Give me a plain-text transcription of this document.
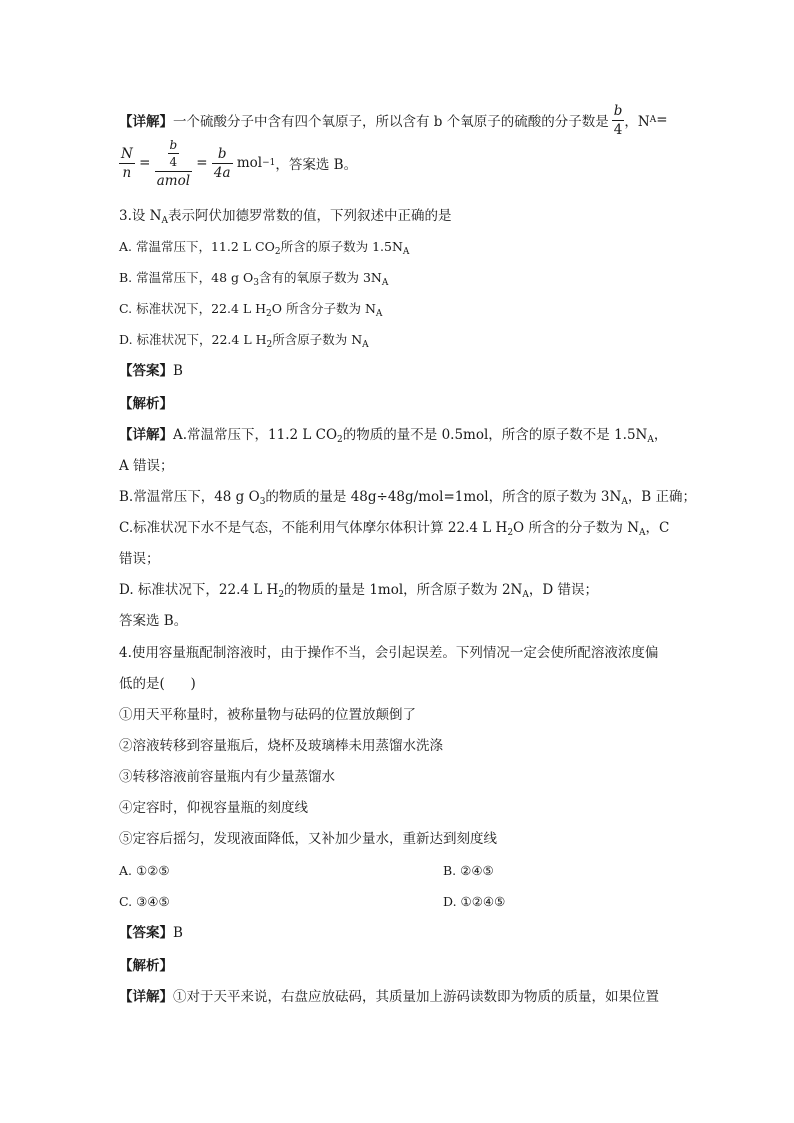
【详解】 一个硫酸分子中含有四个氧原子，所以含有 b 个氧原子的硫酸的分子数是 $\frac{b}{4}$ ，N A =
$\frac{N}{n} = \frac{\frac{b}{4}}{\text{amol}} = \frac{b}{4a}$ mol −1 ，答案选 B。
3.设 $N_A$表示阿伏加德罗常数的值，下列叙述中正确的是
A. 常温常压下，11.2 L $CO_2$所含的原子数为 $1.5N_A$
B. 常温常压下，48 g $O_3$含有的氧原子数为 $3N_A$
C. 标准状况下，22.4 L $H_2O$ 所含分子数为 $N_A$
D. 标准状况下，22.4 L $H_2$所含原子数为 $N_A$
【答案】B
【解析】
【详解】A.常温常压下，11.2 L $CO_2$的物质的量不是 0.5mol，所含的原子数不是 $1.5N_A$，
A 错误；
B.常温常压下，48 g $O_3$的物质的量是 48g÷48g/mol=1mol，所含的原子数为 $3N_A$，B 正确；
C.标准状况下水不是气态，不能利用气体摩尔体积计算 22.4 L $H_2O$ 所含的分子数为 $N_A$，C
错误；
D. 标准状况下，22.4 L $H_2$的物质的量是 1mol，所含原子数为 $2N_A$，D 错误；
答案选 B。
4.使用容量瓶配制溶液时，由于操作不当，会引起误差。下列情况一定会使所配溶液浓度偏
低的是(      )
①用天平称量时，被称量物与砝码的位置放颠倒了
②溶液转移到容量瓶后，烧杯及玻璃棒未用蒸馏水洗涤
③转移溶液前容量瓶内有少量蒸馏水
④定容时，仰视容量瓶的刻度线
⑤定容后摇匀，发现液面降低，又补加少量水，重新达到刻度线
A. ①②⑤	B. ②④⑤
C. ③④⑤	D. ①②④⑤
【答案】B
【解析】
【详解】①对于天平来说，右盘应放砝码，其质量加上游码读数即为物质的质量，如果位置
